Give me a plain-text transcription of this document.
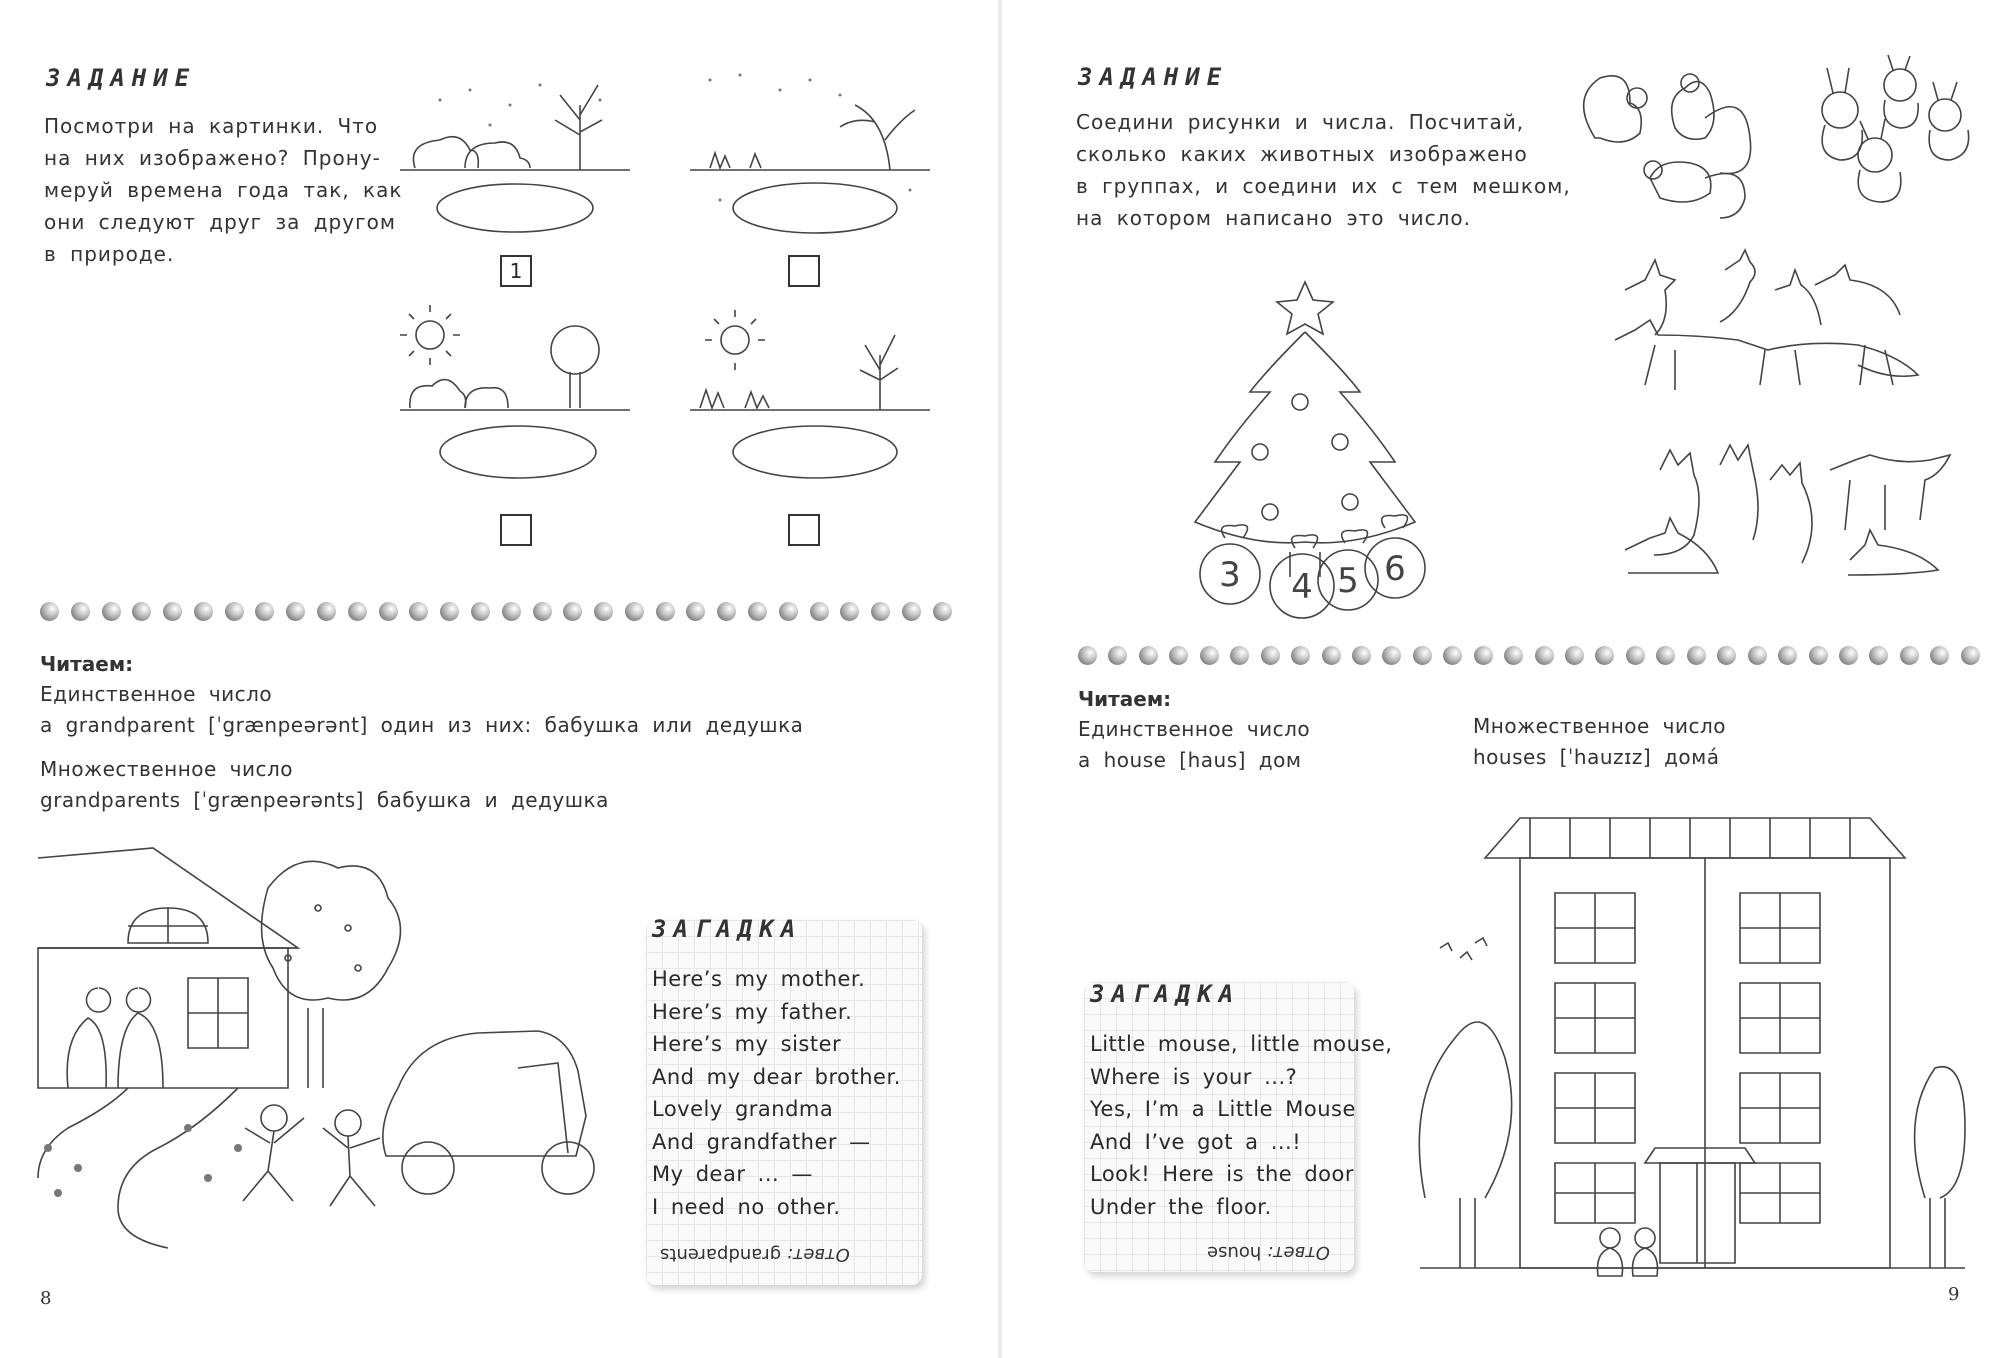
ЗАДАНИЕ
Посмотри на картинки. Что
на них изображено? Прону-
меруй времена года так, как
они следуют друг за другом
в природе.
1
Читаем:
Единственное число
a grandparent [ˈgrænpeərənt] один из них: бабушка или дедушка
Множественное число
grandparents [ˈgrænpeərənts] бабушка и дедушка
ЗАГАДКА
Here’s my mother.
Here’s my father.
Here’s my sister
And my dear brother.
Lovely grandma
And grandfather —
My dear ... —
I need no other.
Ответ: grandparents
8
ЗАДАНИЕ
Соедини рисунки и числа. Посчитай,
сколько каких животных изображено
в группах, и соедини их с тем мешком,
на котором написано это число.
3 4 5 6
Читаем:
Единственное число
a house [haus] дом
Множественное число
houses [ˈhauzɪz] домá
ЗАГАДКА
Little mouse, little mouse,
Where is your ...?
Yes, I’m a Little Mouse
And I’ve got a ...!
Look! Here is the door
Under the floor.
Ответ: house
9
